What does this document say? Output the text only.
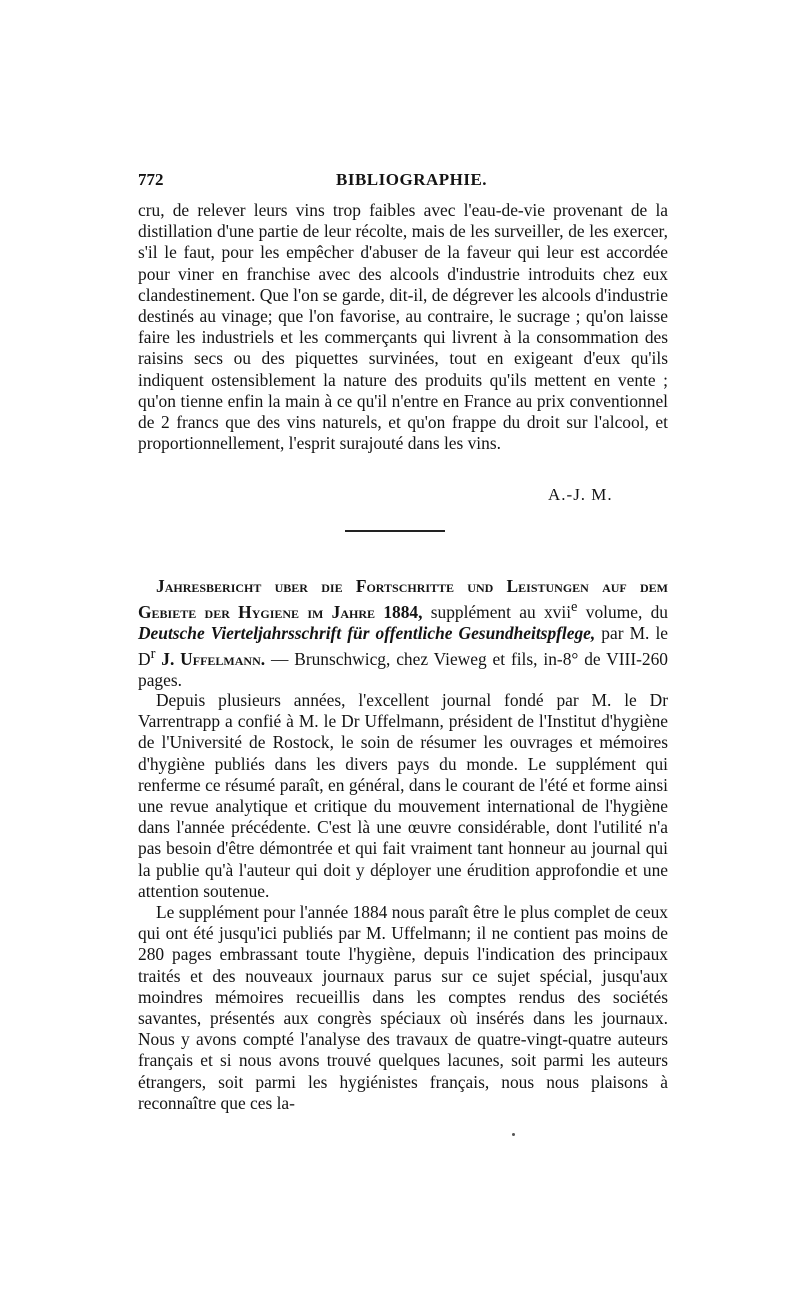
772	BIBLIOGRAPHIE.

cru, de relever leurs vins trop faibles avec l'eau-de-vie provenant de la distillation d'une partie de leur récolte, mais de les surveiller, de les exercer, s'il le faut, pour les empêcher d'abuser de la faveur qui leur est accordée pour viner en franchise avec des alcools d'industrie introduits chez eux clandestinement. Que l'on se garde, dit-il, de dégrever les alcools d'industrie destinés au vinage; que l'on favorise, au contraire, le sucrage ; qu'on laisse faire les industriels et les commerçants qui livrent à la consommation des raisins secs ou des piquettes survinées, tout en exigeant d'eux qu'ils indiquent ostensiblement la nature des produits qu'ils mettent en vente ; qu'on tienne enfin la main à ce qu'il n'entre en France au prix conventionnel de 2 francs que des vins naturels, et qu'on frappe du droit sur l'alcool, et proportionnellement, l'esprit surajouté dans les vins.

A.-J. M.

Jahresbericht uber die Fortschritte und Leistungen auf dem Gebiete der Hygiene im Jahre 1884, supplément au xvii$^e$ volume, du Deutsche Vierteljahrsschrift für offentliche Gesundheitspflege, par M. le $D^r$ J. Uffelmann. — Brunschwicg, chez Vieweg et fils, in-8° de VIII-260 pages.

Depuis plusieurs années, l'excellent journal fondé par M. le Dr Varrentrapp a confié à M. le Dr Uffelmann, président de l'Institut d'hygiène de l'Université de Rostock, le soin de résumer les ouvrages et mémoires d'hygiène publiés dans les divers pays du monde. Le supplément qui renferme ce résumé paraît, en général, dans le courant de l'été et forme ainsi une revue analytique et critique du mouvement international de l'hygiène dans l'année précédente. C'est là une œuvre considérable, dont l'utilité n'a pas besoin d'être démontrée et qui fait vraiment tant honneur au journal qui la publie qu'à l'auteur qui doit y déployer une érudition approfondie et une attention soutenue.

Le supplément pour l'année 1884 nous paraît être le plus complet de ceux qui ont été jusqu'ici publiés par M. Uffelmann; il ne contient pas moins de 280 pages embrassant toute l'hygiène, depuis l'indication des principaux traités et des nouveaux journaux parus sur ce sujet spécial, jusqu'aux moindres mémoires recueillis dans les comptes rendus des sociétés savantes, présentés aux congrès spéciaux où insérés dans les journaux. Nous y avons compté l'analyse des travaux de quatre-vingt-quatre auteurs français et si nous avons trouvé quelques lacunes, soit parmi les auteurs étrangers, soit parmi les hygiénistes français, nous nous plaisons à reconnaître que ces la-
